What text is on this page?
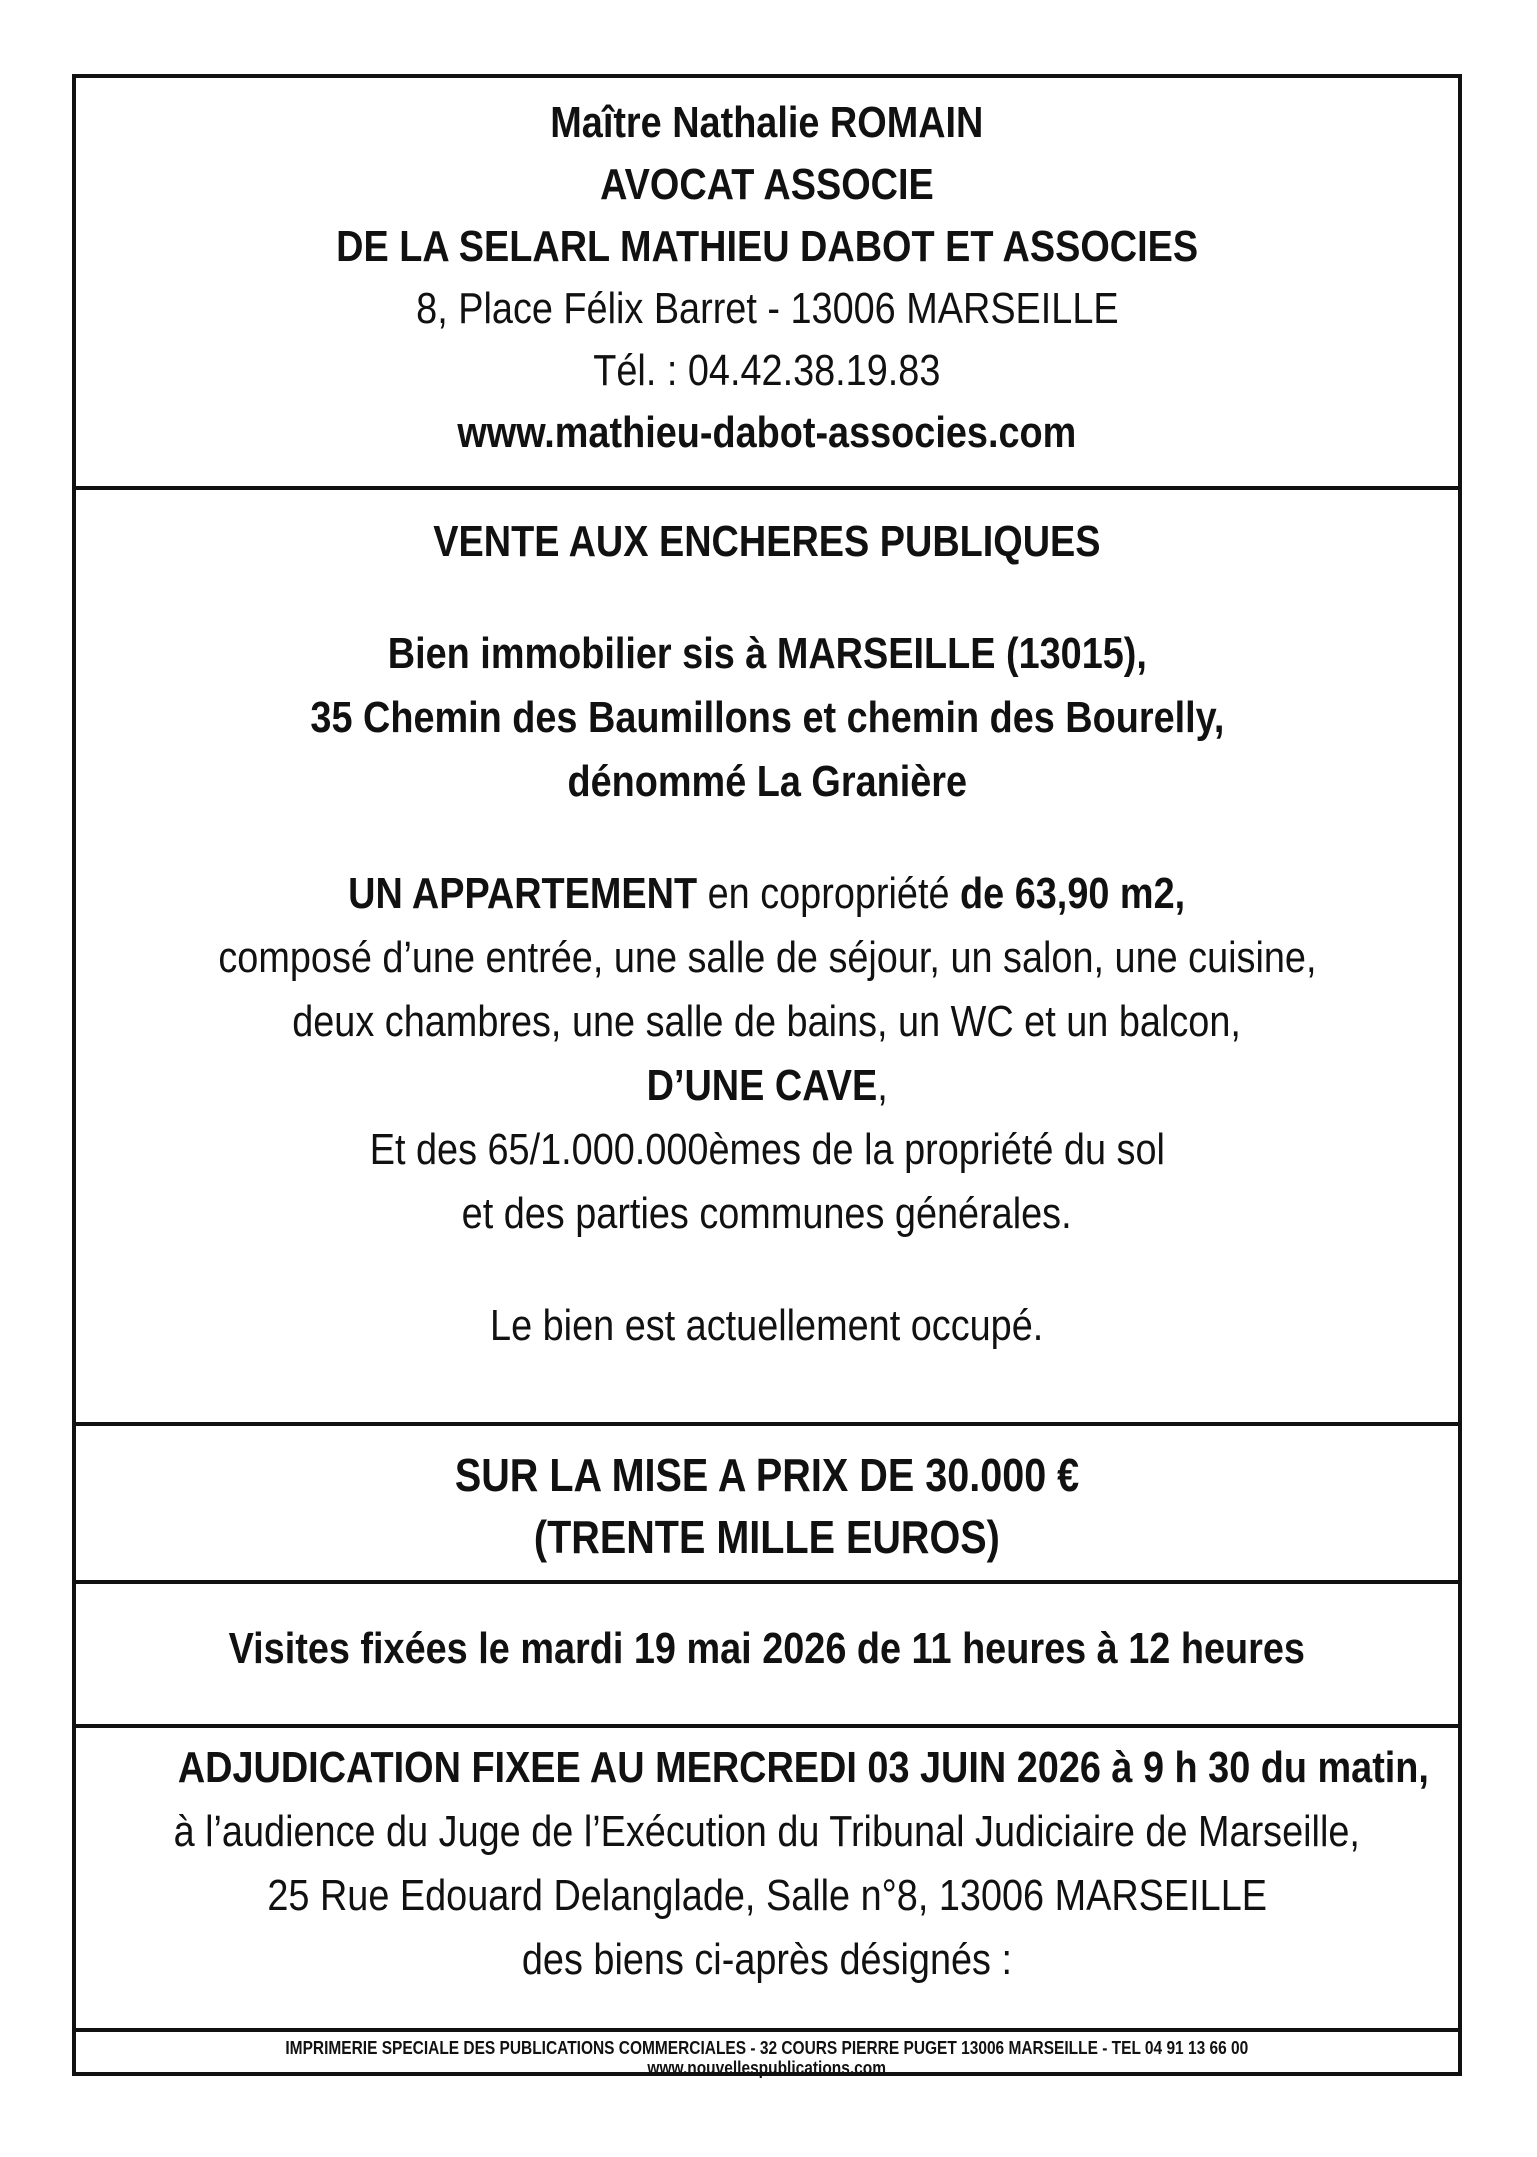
Maître Nathalie ROMAIN
AVOCAT ASSOCIE
DE LA SELARL MATHIEU DABOT ET ASSOCIES
8, Place Félix Barret - 13006 MARSEILLE
Tél. : 04.42.38.19.83
www.mathieu-dabot-associes.com
VENTE AUX ENCHERES PUBLIQUES
Bien immobilier sis à MARSEILLE (13015),
35 Chemin des Baumillons et chemin des Bourelly,
dénommé La Granière
UN APPARTEMENT en copropriété de 63,90 m2,
composé d’une entrée, une salle de séjour, un salon, une cuisine,
deux chambres, une salle de bains, un WC et un balcon,
D’UNE CAVE,
Et des 65/1.000.000èmes de la propriété du sol
et des parties communes générales.
Le bien est actuellement occupé.
SUR LA MISE A PRIX DE 30.000 €
(TRENTE MILLE EUROS)
Visites fixées le mardi 19 mai 2026 de 11 heures à 12 heures
ADJUDICATION FIXEE AU MERCREDI 03 JUIN 2026 à 9 h 30 du matin,
à l’audience du Juge de l’Exécution du Tribunal Judiciaire de Marseille,
25 Rue Edouard Delanglade, Salle n°8, 13006 MARSEILLE
des biens ci-après désignés :
IMPRIMERIE SPECIALE DES PUBLICATIONS COMMERCIALES - 32 COURS PIERRE PUGET 13006 MARSEILLE - TEL 04 91 13 66 00
www.nouvellespublications.com
